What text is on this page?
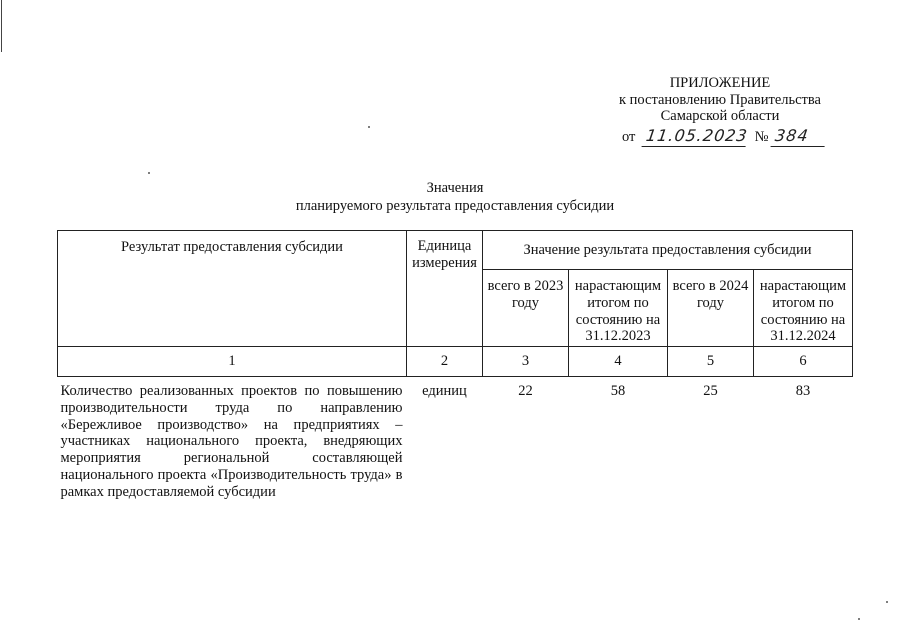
ПРИЛОЖЕНИЕ
к постановлению Правительства
Самарской области
от 11.05.2023 № 384
Значения
планируемого результата предоставления субсидии
Результат предоставления субсидии	Единица измерения	Значение результата предоставления субсидии			
		всего в 2023 году	нарастающим итогом по состоянию на 31.12.2023	всего в 2024 году	нарастающим итогом по состоянию на 31.12.2024
1	2	3	4	5	6
Количество реализованных проектов по повышению производительности труда по направлению «Бережливое производство» на предприятиях – участниках национального проекта, внедряющих мероприятия региональной составляющей национального проекта «Производительность труда» в рамках предоставляемой субсидии	единиц	22	58	25	83
